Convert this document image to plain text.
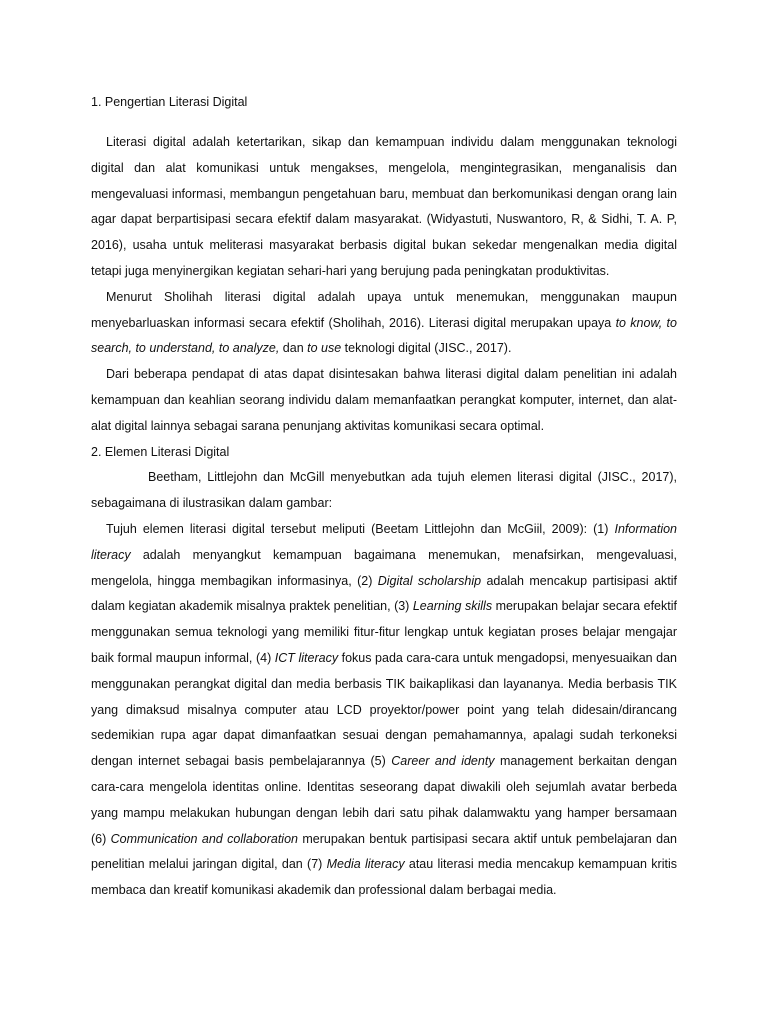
1. Pengertian Literasi Digital

Literasi digital adalah ketertarikan, sikap dan kemampuan individu dalam menggunakan teknologi digital dan alat komunikasi untuk mengakses, mengelola, mengintegrasikan, menganalisis dan mengevaluasi informasi, membangun pengetahuan baru, membuat dan berkomunikasi dengan orang lain agar dapat berpartisipasi secara efektif dalam masyarakat. (Widyastuti, Nuswantoro, R, & Sidhi, T. A. P, 2016), usaha untuk meliterasi masyarakat berbasis digital bukan sekedar mengenalkan media digital tetapi juga menyinergikan kegiatan sehari-hari yang berujung pada peningkatan produktivitas.

Menurut Sholihah literasi digital adalah upaya untuk menemukan, menggunakan maupun menyebarluaskan informasi secara efektif (Sholihah, 2016). Literasi digital merupakan upaya to know, to search, to understand, to analyze, dan to use teknologi digital (JISC., 2017).

Dari beberapa pendapat di atas dapat disintesakan bahwa literasi digital dalam penelitian ini adalah kemampuan dan keahlian seorang individu dalam memanfaatkan perangkat komputer, internet, dan alat-alat digital lainnya sebagai sarana penunjang aktivitas komunikasi secara optimal.

2. Elemen Literasi Digital

Beetham, Littlejohn dan McGill menyebutkan ada tujuh elemen literasi digital (JISC., 2017), sebagaimana di ilustrasikan dalam gambar:

Tujuh elemen literasi digital tersebut meliputi (Beetam Littlejohn dan McGiil, 2009): (1) Information literacy adalah menyangkut kemampuan bagaimana menemukan, menafsirkan, mengevaluasi, mengelola, hingga membagikan informasinya, (2) Digital scholarship adalah mencakup partisipasi aktif dalam kegiatan akademik misalnya praktek penelitian, (3) Learning skills merupakan belajar secara efektif menggunakan semua teknologi yang memiliki fitur-fitur lengkap untuk kegiatan proses belajar mengajar baik formal maupun informal, (4) ICT literacy fokus pada cara-cara untuk mengadopsi, menyesuaikan dan menggunakan perangkat digital dan media berbasis TIK baikaplikasi dan layananya. Media berbasis TIK yang dimaksud misalnya computer atau LCD proyektor/power point yang telah didesain/dirancang sedemikian rupa agar dapat dimanfaatkan sesuai dengan pemahamannya, apalagi sudah terkoneksi dengan internet sebagai basis pembelajarannya (5) Career and identy management berkaitan dengan cara-cara mengelola identitas online. Identitas seseorang dapat diwakili oleh sejumlah avatar berbeda yang mampu melakukan hubungan dengan lebih dari satu pihak dalamwaktu yang hamper bersamaan (6) Communication and collaboration merupakan bentuk partisipasi secara aktif untuk pembelajaran dan penelitian melalui jaringan digital, dan (7) Media literacy atau literasi media mencakup kemampuan kritis membaca dan kreatif komunikasi akademik dan professional dalam berbagai media.
